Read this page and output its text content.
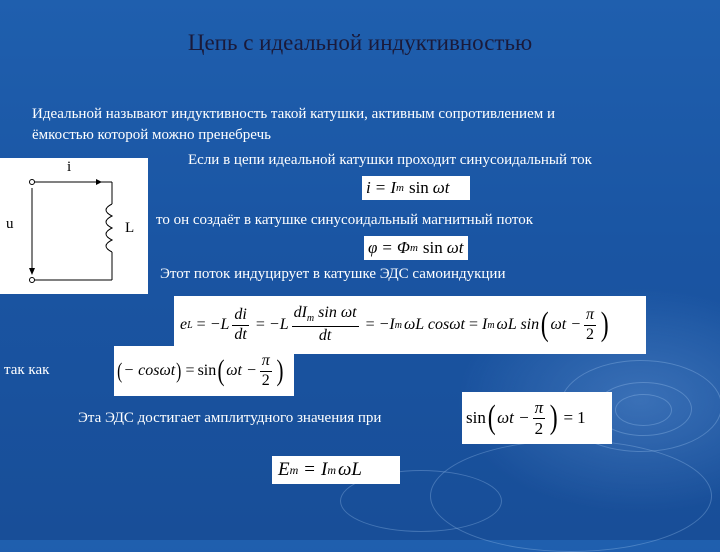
Цепь с идеальной индуктивностью
Идеальной называют индуктивность такой катушки, активным сопротивлением и
ёмкостью которой можно пренебречь
i
u	L
Если в цепи идеальной катушки проходит синусоидальный ток
i = I m sin ωt
то он создаёт в катушке синусоидальный магнитный поток
φ = Φ m sin ωt
Этот поток индуцирует в катушке ЭДС самоиндукции
e $L = -L \frac{di}{dt} = -L \frac{dI_m \sin \omega t}{dt} = -I$ m ωL cosωt = I m ωL sin ( $\omega t - \frac{\pi}{2}$ )
так как	( − cosωt ) = sin ( $\omega t - \frac{\pi}{2}$ )
Эта ЭДС достигает амплитудного значения при	sin ( $\omega t - \frac{\pi}{2}$ ) = 1
E m = I m ωL
